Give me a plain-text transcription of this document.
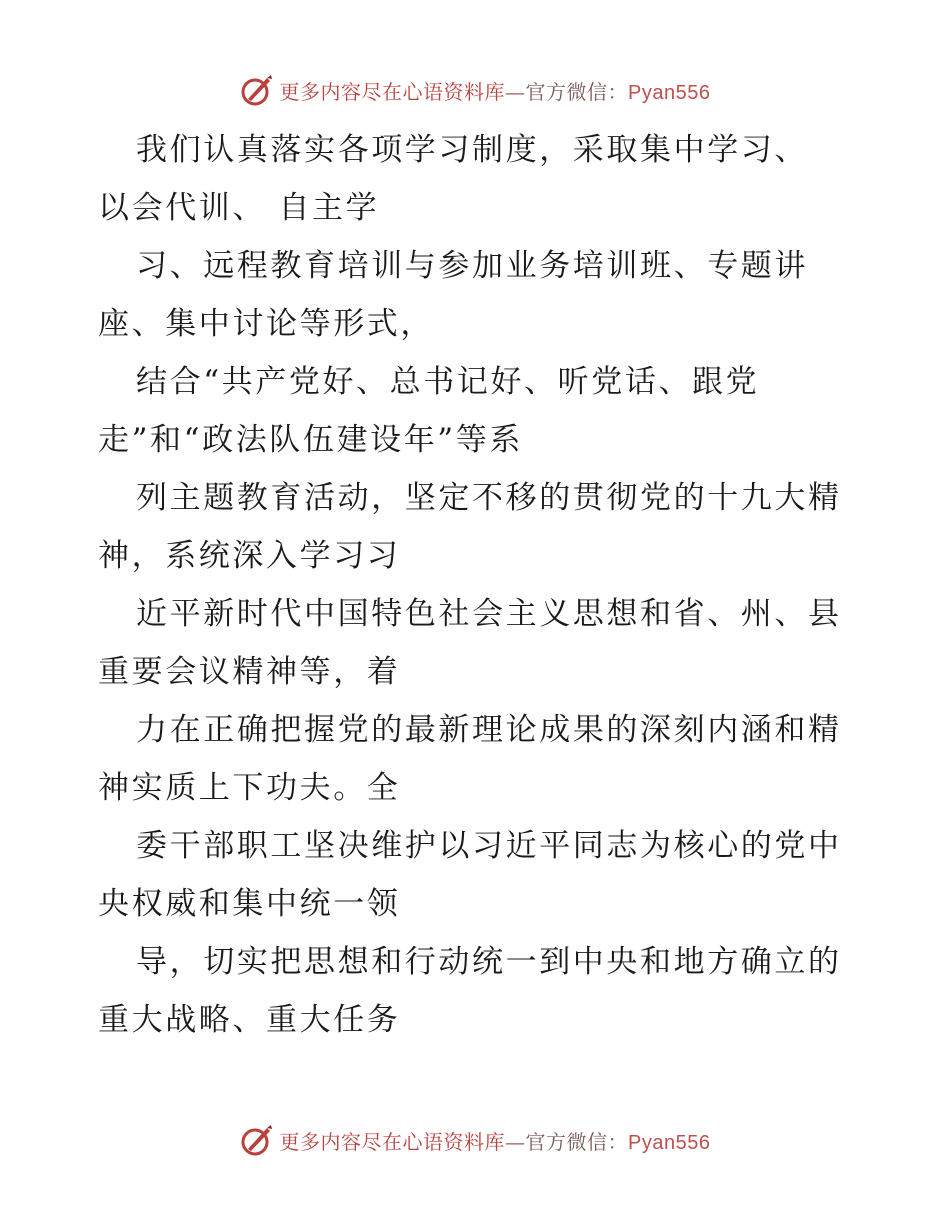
更多内容尽在心语资料库—官方微信：Pyan556
我们认真落实各项学习制度，采取集中学习、
以会代训、 自主学
习、远程教育培训与参加业务培训班、专题讲
座、集中讨论等形式，
结合“共产党好、总书记好、听党话、跟党
走”和“政法队伍建设年”等系
列主题教育活动，坚定不移的贯彻党的十九大精
神，系统深入学习习
近平新时代中国特色社会主义思想和省、州、县
重要会议精神等，着
力在正确把握党的最新理论成果的深刻内涵和精
神实质上下功夫。全
委干部职工坚决维护以习近平同志为核心的党中
央权威和集中统一领
导，切实把思想和行动统一到中央和地方确立的
重大战略、重大任务
更多内容尽在心语资料库—官方微信：Pyan556
